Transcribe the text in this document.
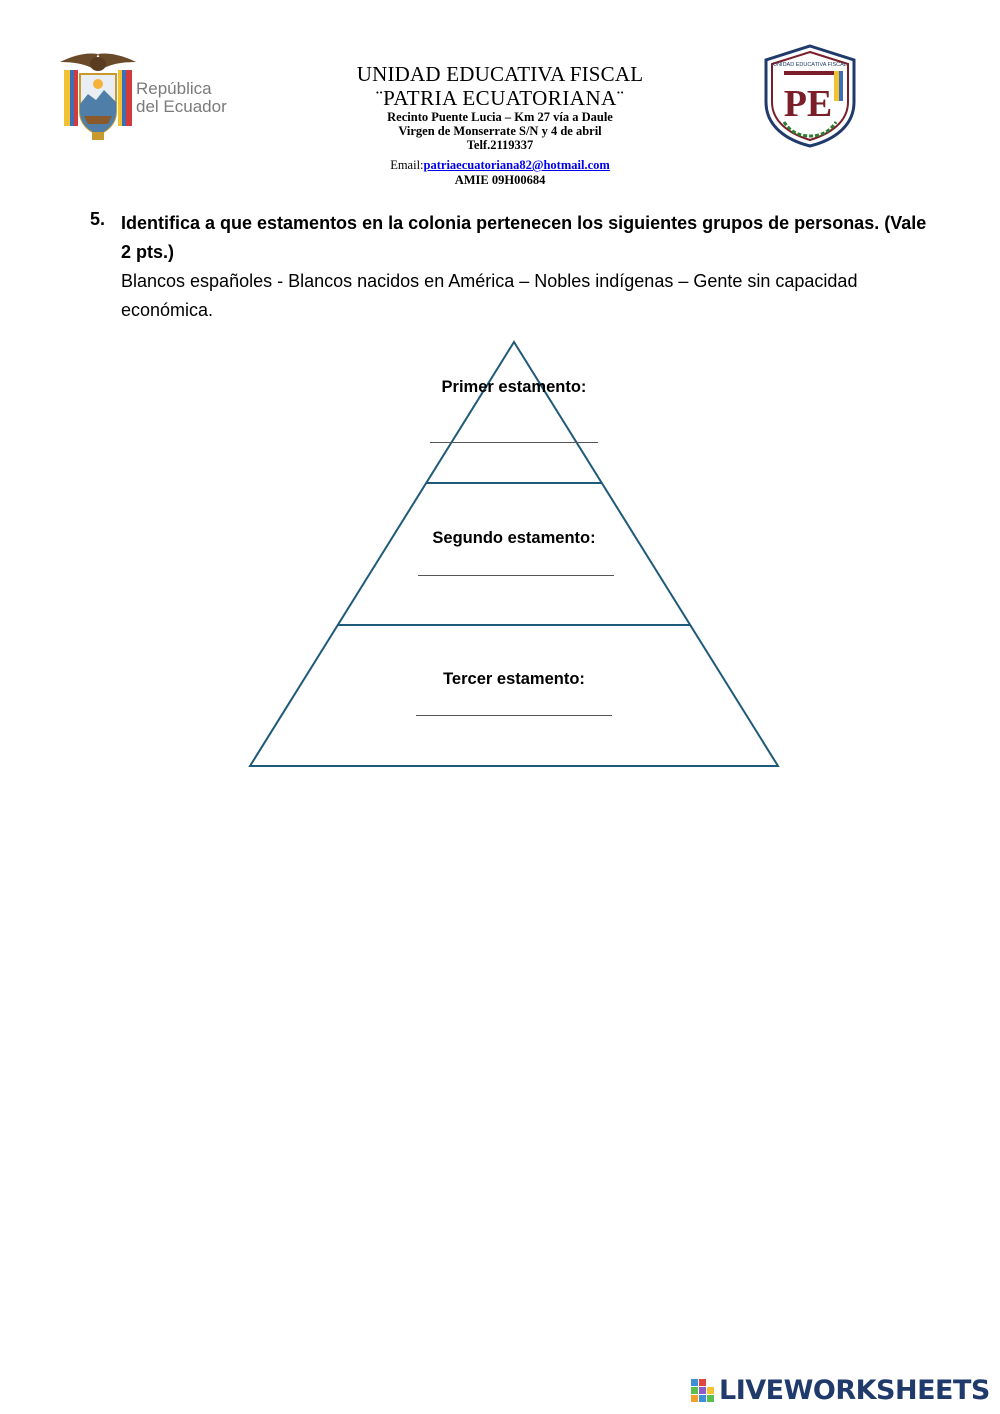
República
del Ecuador
UNIDAD EDUCATIVA FISCAL
¨PATRIA ECUATORIANA¨
Recinto Puente Lucia – Km 27 vía a Daule
Virgen de Monserrate S/N y 4 de abril
Telf.2119337
Email:patriaecuatoriana82@hotmail.com
AMIE 09H00684
UNIDAD EDUCATIVA FISCAL
PE
5. Identifica a que estamentos en la colonia pertenecen los siguientes grupos de personas. (Vale 2 pts.)
Blancos españoles - Blancos nacidos en América – Nobles indígenas – Gente sin capacidad económica.
Primer estamento:
Segundo estamento:
Tercer estamento:
LIVEWORKSHEETS
